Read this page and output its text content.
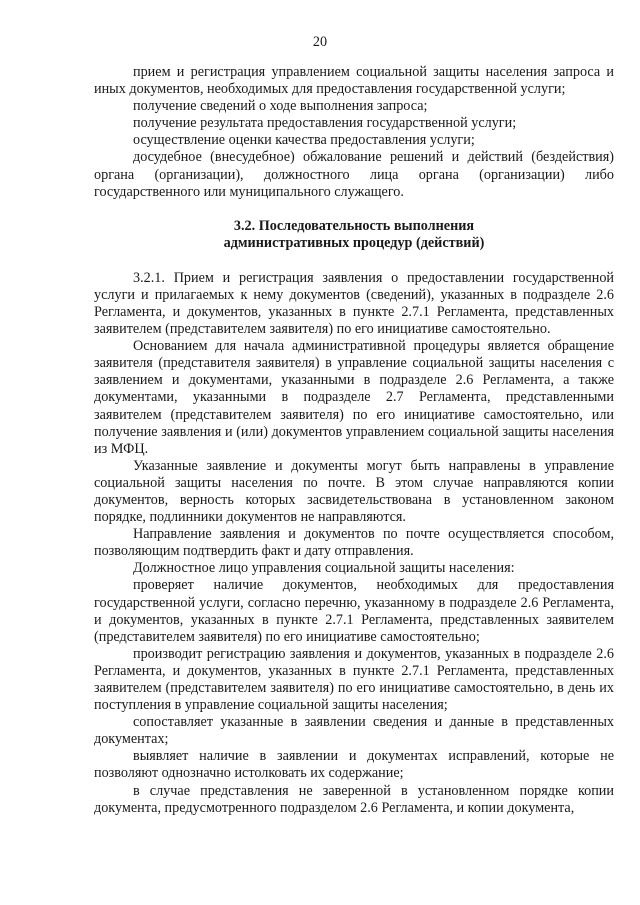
20

прием и регистрация управлением социальной защиты населения запроса и иных документов, необходимых для предоставления государственной услуги;

получение сведений о ходе выполнения запроса;

получение результата предоставления государственной услуги;

осуществление оценки качества предоставления услуги;

досудебное (внесудебное) обжалование решений и действий (бездействия) органа (организации), должностного лица органа (организации) либо государственного или муниципального служащего.

3.2. Последовательность выполнения
административных процедур (действий)

3.2.1. Прием и регистрация заявления о предоставлении государственной услуги и прилагаемых к нему документов (сведений), указанных в подразделе 2.6 Регламента, и документов, указанных в пункте 2.7.1 Регламента, представленных заявителем (представителем заявителя) по его инициативе самостоятельно.

Основанием для начала административной процедуры является обращение заявителя (представителя заявителя) в управление социальной защиты населения с заявлением и документами, указанными в подразделе 2.6 Регламента, а также документами, указанными в подразделе 2.7 Регламента, представленными заявителем (представителем заявителя) по его инициативе самостоятельно, или получение заявления и (или) документов управлением социальной защиты населения из МФЦ.

Указанные заявление и документы могут быть направлены в управление социальной защиты населения по почте. В этом случае направляются копии документов, верность которых засвидетельствована в установленном законом порядке, подлинники документов не направляются.

Направление заявления и документов по почте осуществляется способом, позволяющим подтвердить факт и дату отправления.

Должностное лицо управления социальной защиты населения:

проверяет наличие документов, необходимых для предоставления государственной услуги, согласно перечню, указанному в подразделе 2.6 Регламента, и документов, указанных в пункте 2.7.1 Регламента, представленных заявителем (представителем заявителя) по его инициативе самостоятельно;

производит регистрацию заявления и документов, указанных в подразделе 2.6 Регламента, и документов, указанных в пункте 2.7.1 Регламента, представленных заявителем (представителем заявителя) по его инициативе самостоятельно, в день их поступления в управление социальной защиты населения;

сопоставляет указанные в заявлении сведения и данные в представленных документах;

выявляет наличие в заявлении и документах исправлений, которые не позволяют однозначно истолковать их содержание;

в случае представления не заверенной в установленном порядке копии документа, предусмотренного подразделом 2.6 Регламента, и копии документа,
